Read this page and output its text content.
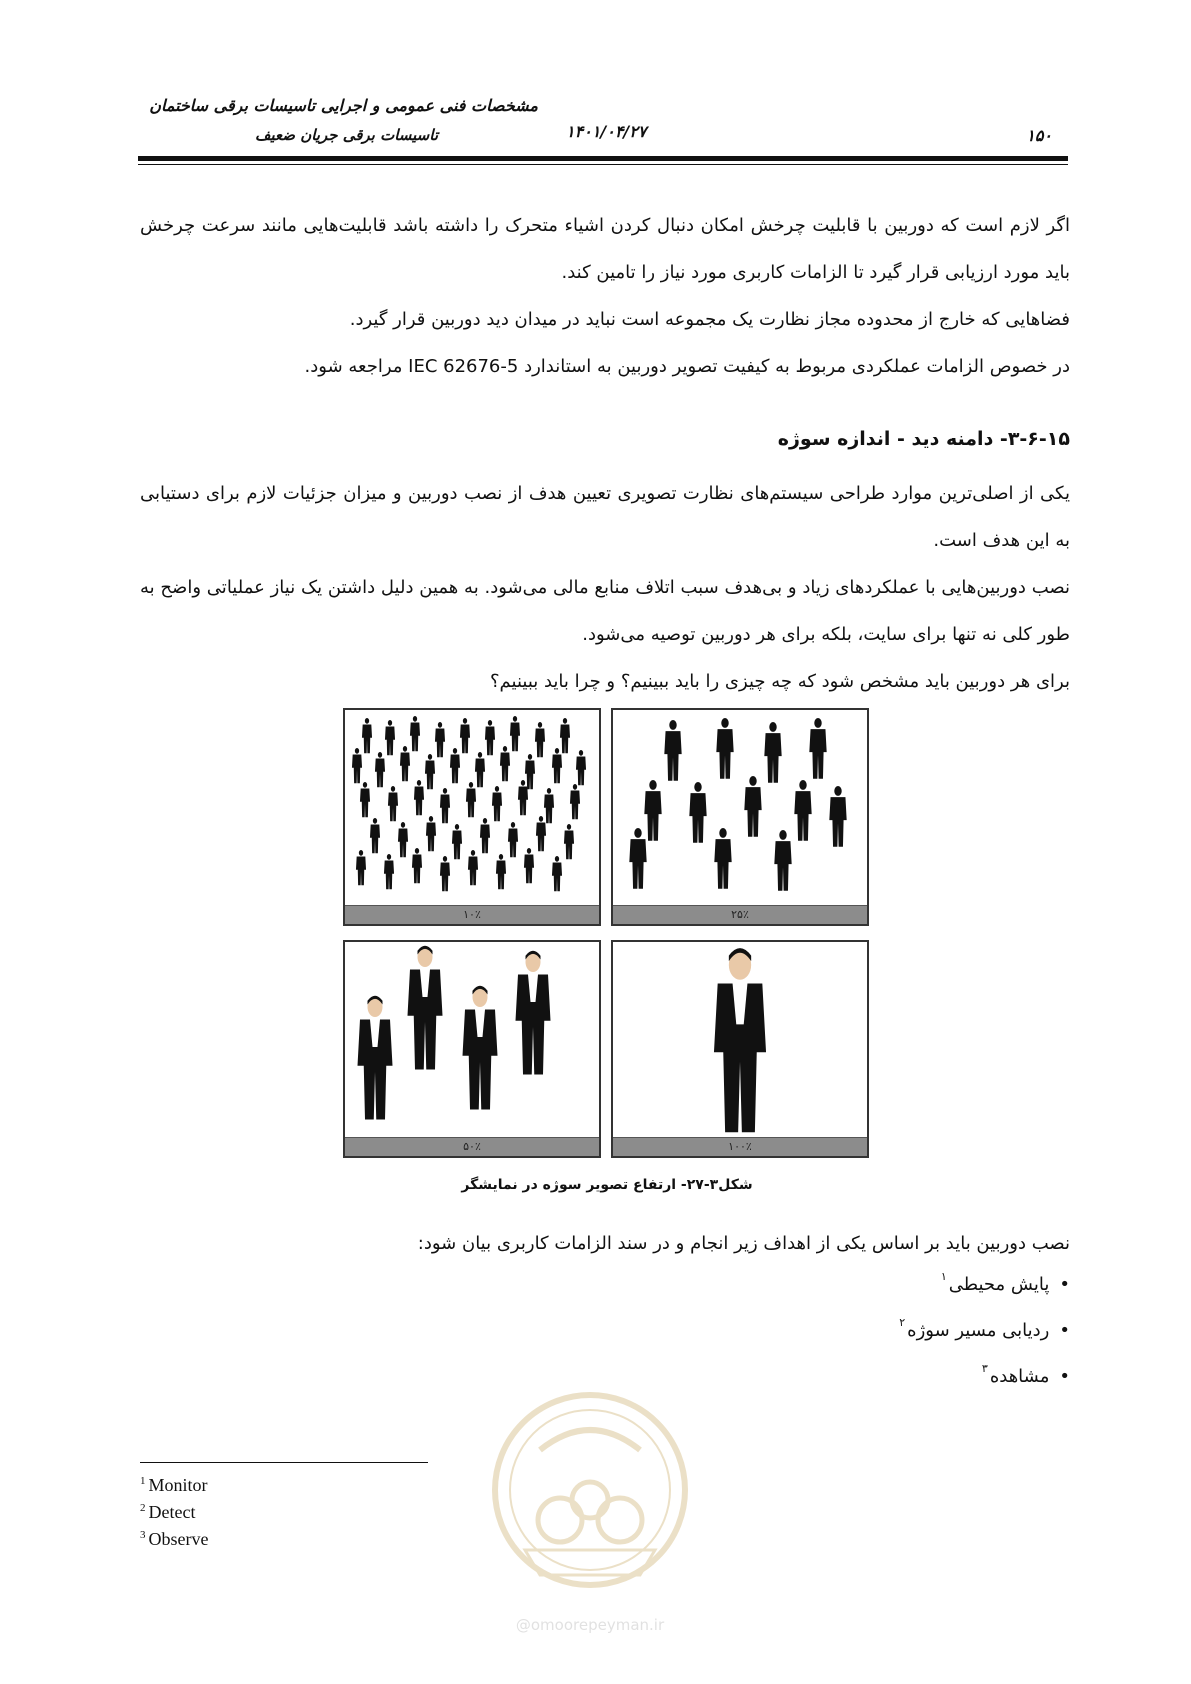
مشخصات فنی عمومی و اجرایی تاسیسات برقی ساختمان
تاسیسات برقی جریان ضعیف	۱۴۰۱/۰۴/۲۷	۱۵۰

اگر لازم است که دوربین با قابلیت چرخش امکان دنبال کردن اشیاء متحرک را داشته باشد قابلیت‌هایی مانند سرعت چرخش باید مورد ارزیابی قرار گیرد تا الزامات کاربری مورد نیاز را تامین کند.

فضاهایی که خارج از محدوده مجاز نظارت یک مجموعه است نباید در میدان دید دوربین قرار گیرد.

در خصوص الزامات عملکردی مربوط به کیفیت تصویر دوربین به استاندارد IEC 62676-5 مراجعه شود.

۳-۶-۱۵- دامنه دید - اندازه سوژه

یکی از اصلی‌ترین موارد طراحی سیستم‌های نظارت تصویری تعیین هدف از نصب دوربین و میزان جزئیات لازم برای دستیابی به این هدف است.

نصب دوربین‌هایی با عملکردهای زیاد و بی‌هدف سبب اتلاف منابع مالی می‌شود. به همین دلیل داشتن یک نیاز عملیاتی واضح به طور کلی نه تنها برای سایت، بلکه برای هر دوربین توصیه می‌شود.

برای هر دوربین باید مشخص شود که چه چیزی را باید ببینیم؟ و چرا باید ببینیم؟

۱۰٪	۲۵٪
۵۰٪	۱۰۰٪
شکل۳-۲۷- ارتفاع تصویر سوژه در نمایشگر

نصب دوربین باید بر اساس یکی از اهداف زیر انجام و در سند الزامات کاربری بیان شود:

•
پایش محیطی
$^۱$
•
ردیابی مسیر سوژه
$^۲$
•
مشاهده
$^۳$
@omoorepeyman.ir
$^1$ Monitor
$^2$ Detect
$^3$ Observe
